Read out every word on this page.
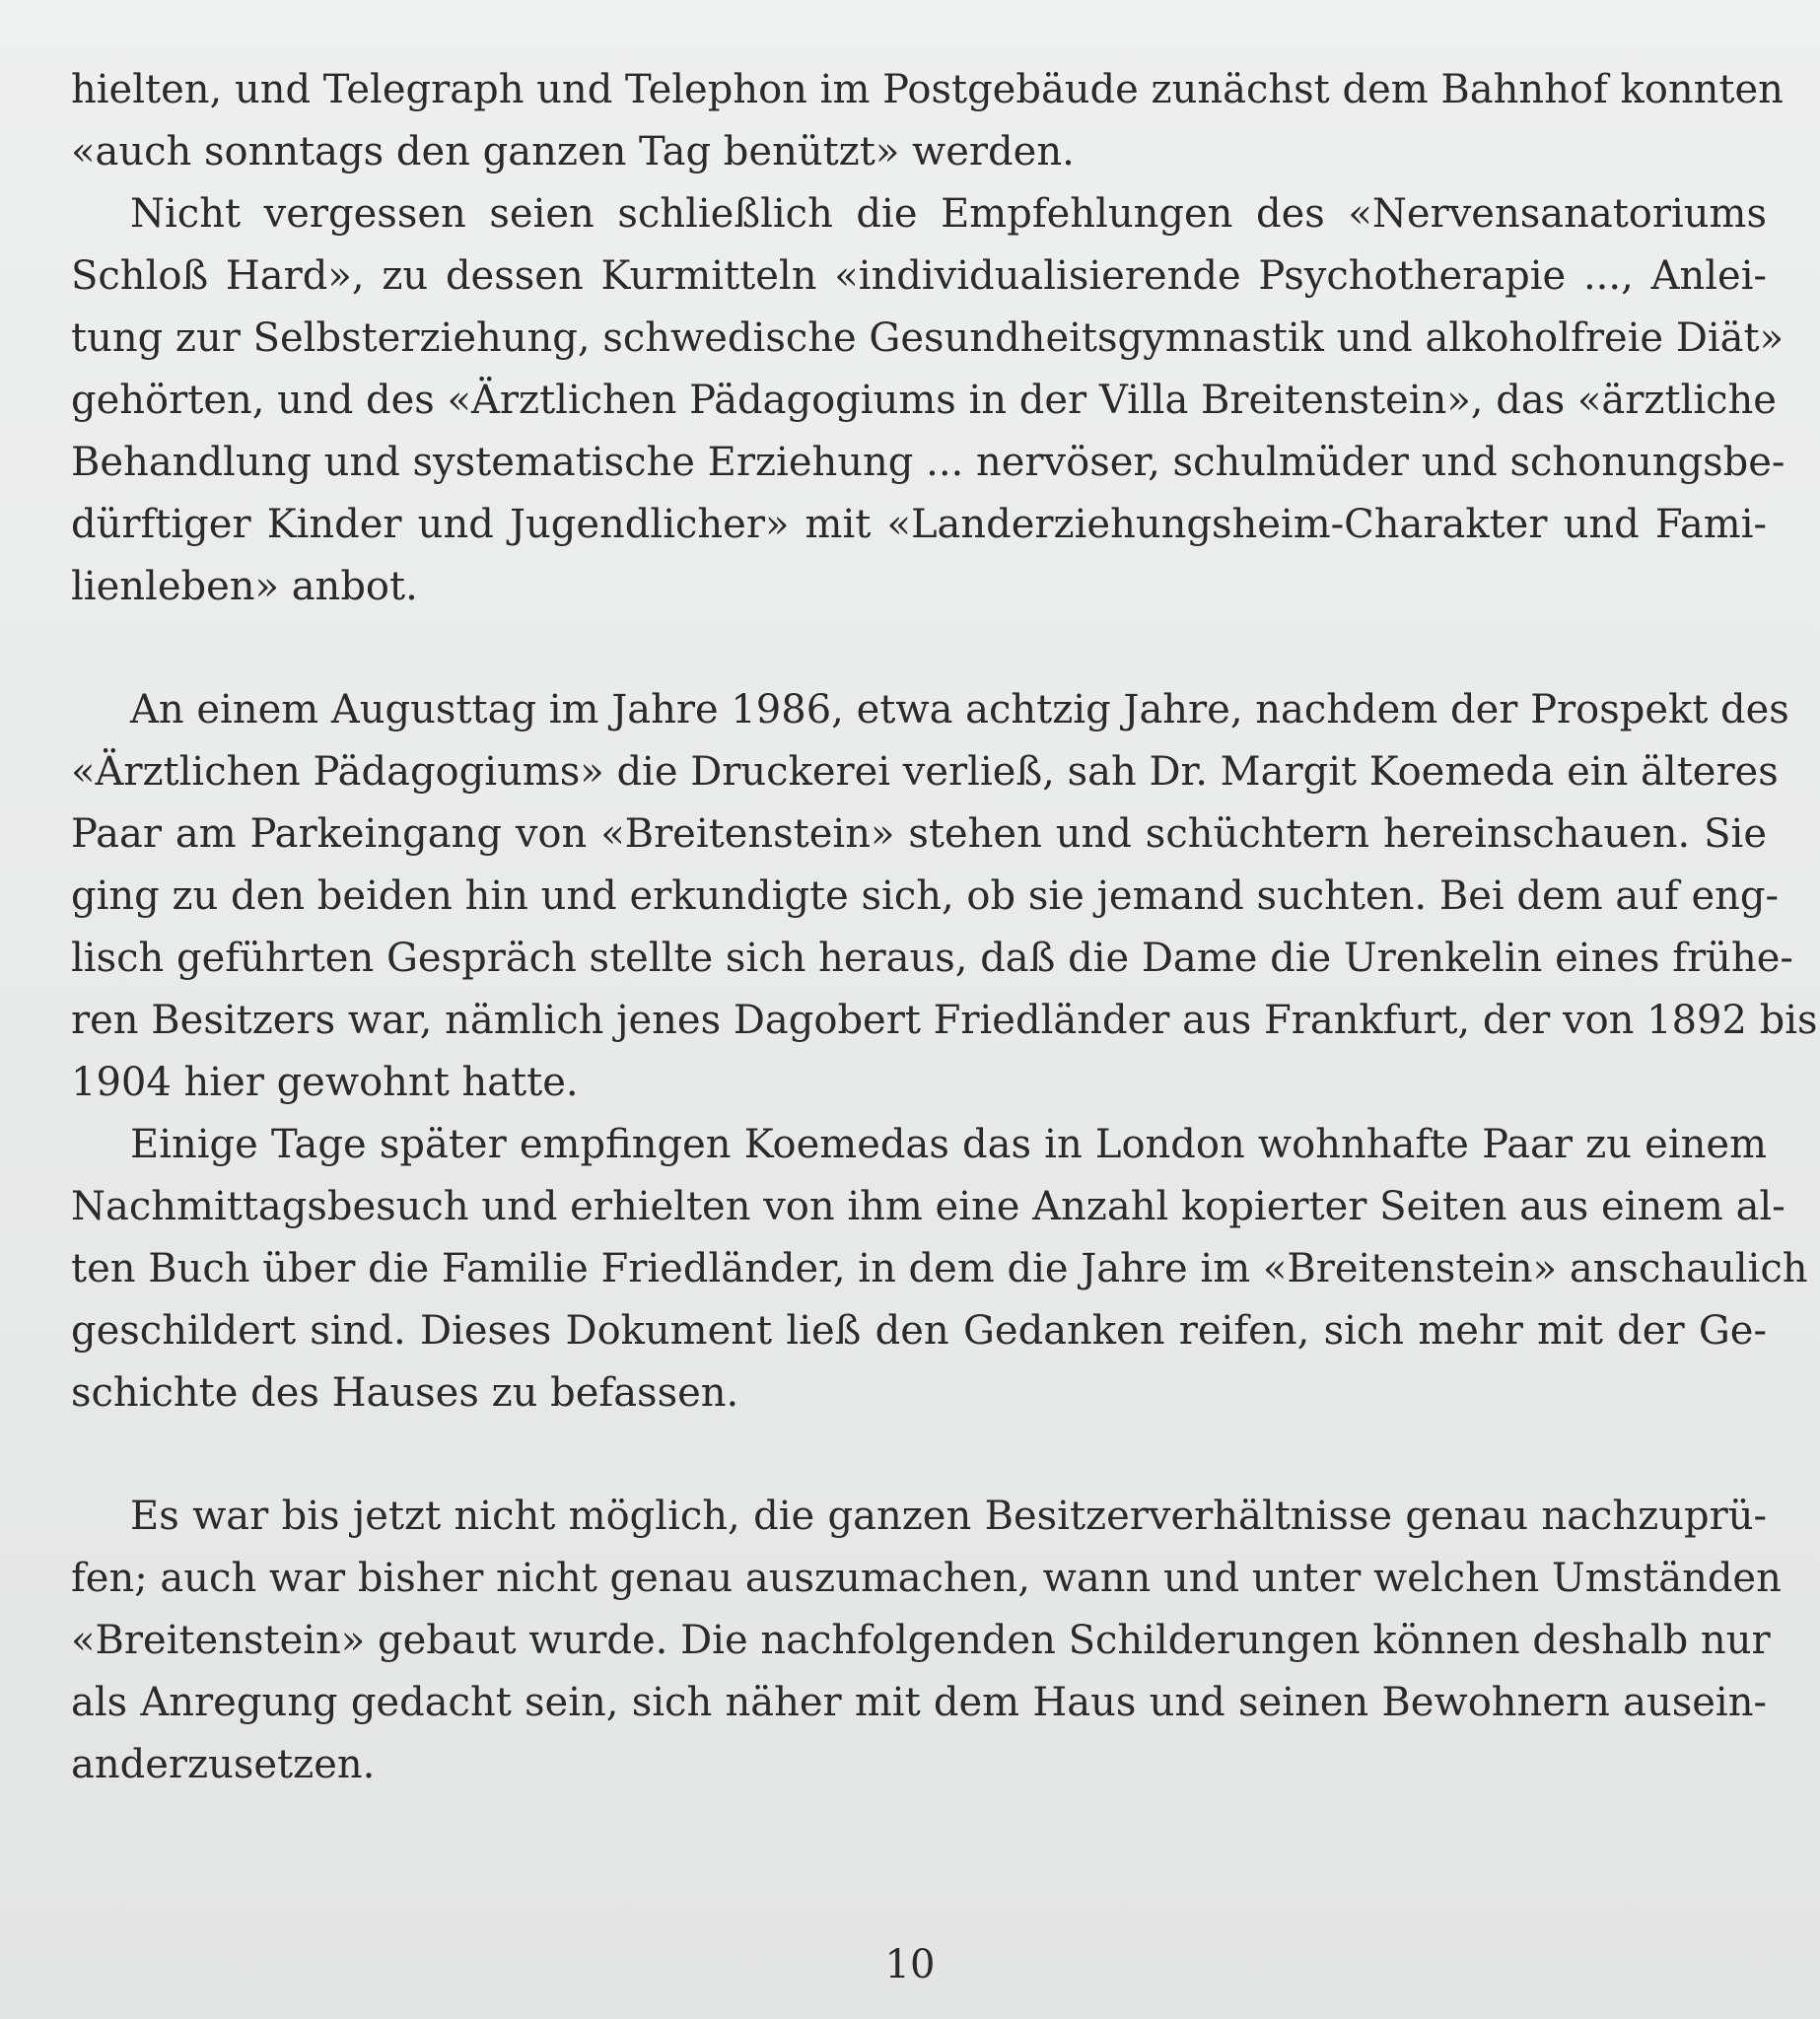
hielten, und Telegraph und Telephon im Postgebäude zunächst dem Bahnhof konnten
«auch sonntags den ganzen Tag benützt» werden.
Nicht vergessen seien schließlich die Empfehlungen des «Nervensanatoriums
Schloß Hard», zu dessen Kurmitteln «individualisierende Psychotherapie ..., Anlei-
tung zur Selbsterziehung, schwedische Gesundheitsgymnastik und alkoholfreie Diät»
gehörten, und des «Ärztlichen Pädagogiums in der Villa Breitenstein», das «ärztliche
Behandlung und systematische Erziehung ... nervöser, schulmüder und schonungsbe-
dürftiger Kinder und Jugendlicher» mit «Landerziehungsheim-Charakter und Fami-
lienleben» anbot.
An einem Augusttag im Jahre 1986, etwa achtzig Jahre, nachdem der Prospekt des
«Ärztlichen Pädagogiums» die Druckerei verließ, sah Dr. Margit Koemeda ein älteres
Paar am Parkeingang von «Breitenstein» stehen und schüchtern hereinschauen. Sie
ging zu den beiden hin und erkundigte sich, ob sie jemand suchten. Bei dem auf eng-
lisch geführten Gespräch stellte sich heraus, daß die Dame die Urenkelin eines frühe-
ren Besitzers war, nämlich jenes Dagobert Friedländer aus Frankfurt, der von 1892 bis
1904 hier gewohnt hatte.
Einige Tage später empfingen Koemedas das in London wohnhafte Paar zu einem
Nachmittagsbesuch und erhielten von ihm eine Anzahl kopierter Seiten aus einem al-
ten Buch über die Familie Friedländer, in dem die Jahre im «Breitenstein» anschaulich
geschildert sind. Dieses Dokument ließ den Gedanken reifen, sich mehr mit der Ge-
schichte des Hauses zu befassen.
Es war bis jetzt nicht möglich, die ganzen Besitzerverhältnisse genau nachzuprü-
fen; auch war bisher nicht genau auszumachen, wann und unter welchen Umständen
«Breitenstein» gebaut wurde. Die nachfolgenden Schilderungen können deshalb nur
als Anregung gedacht sein, sich näher mit dem Haus und seinen Bewohnern ausein-
anderzusetzen.
10
